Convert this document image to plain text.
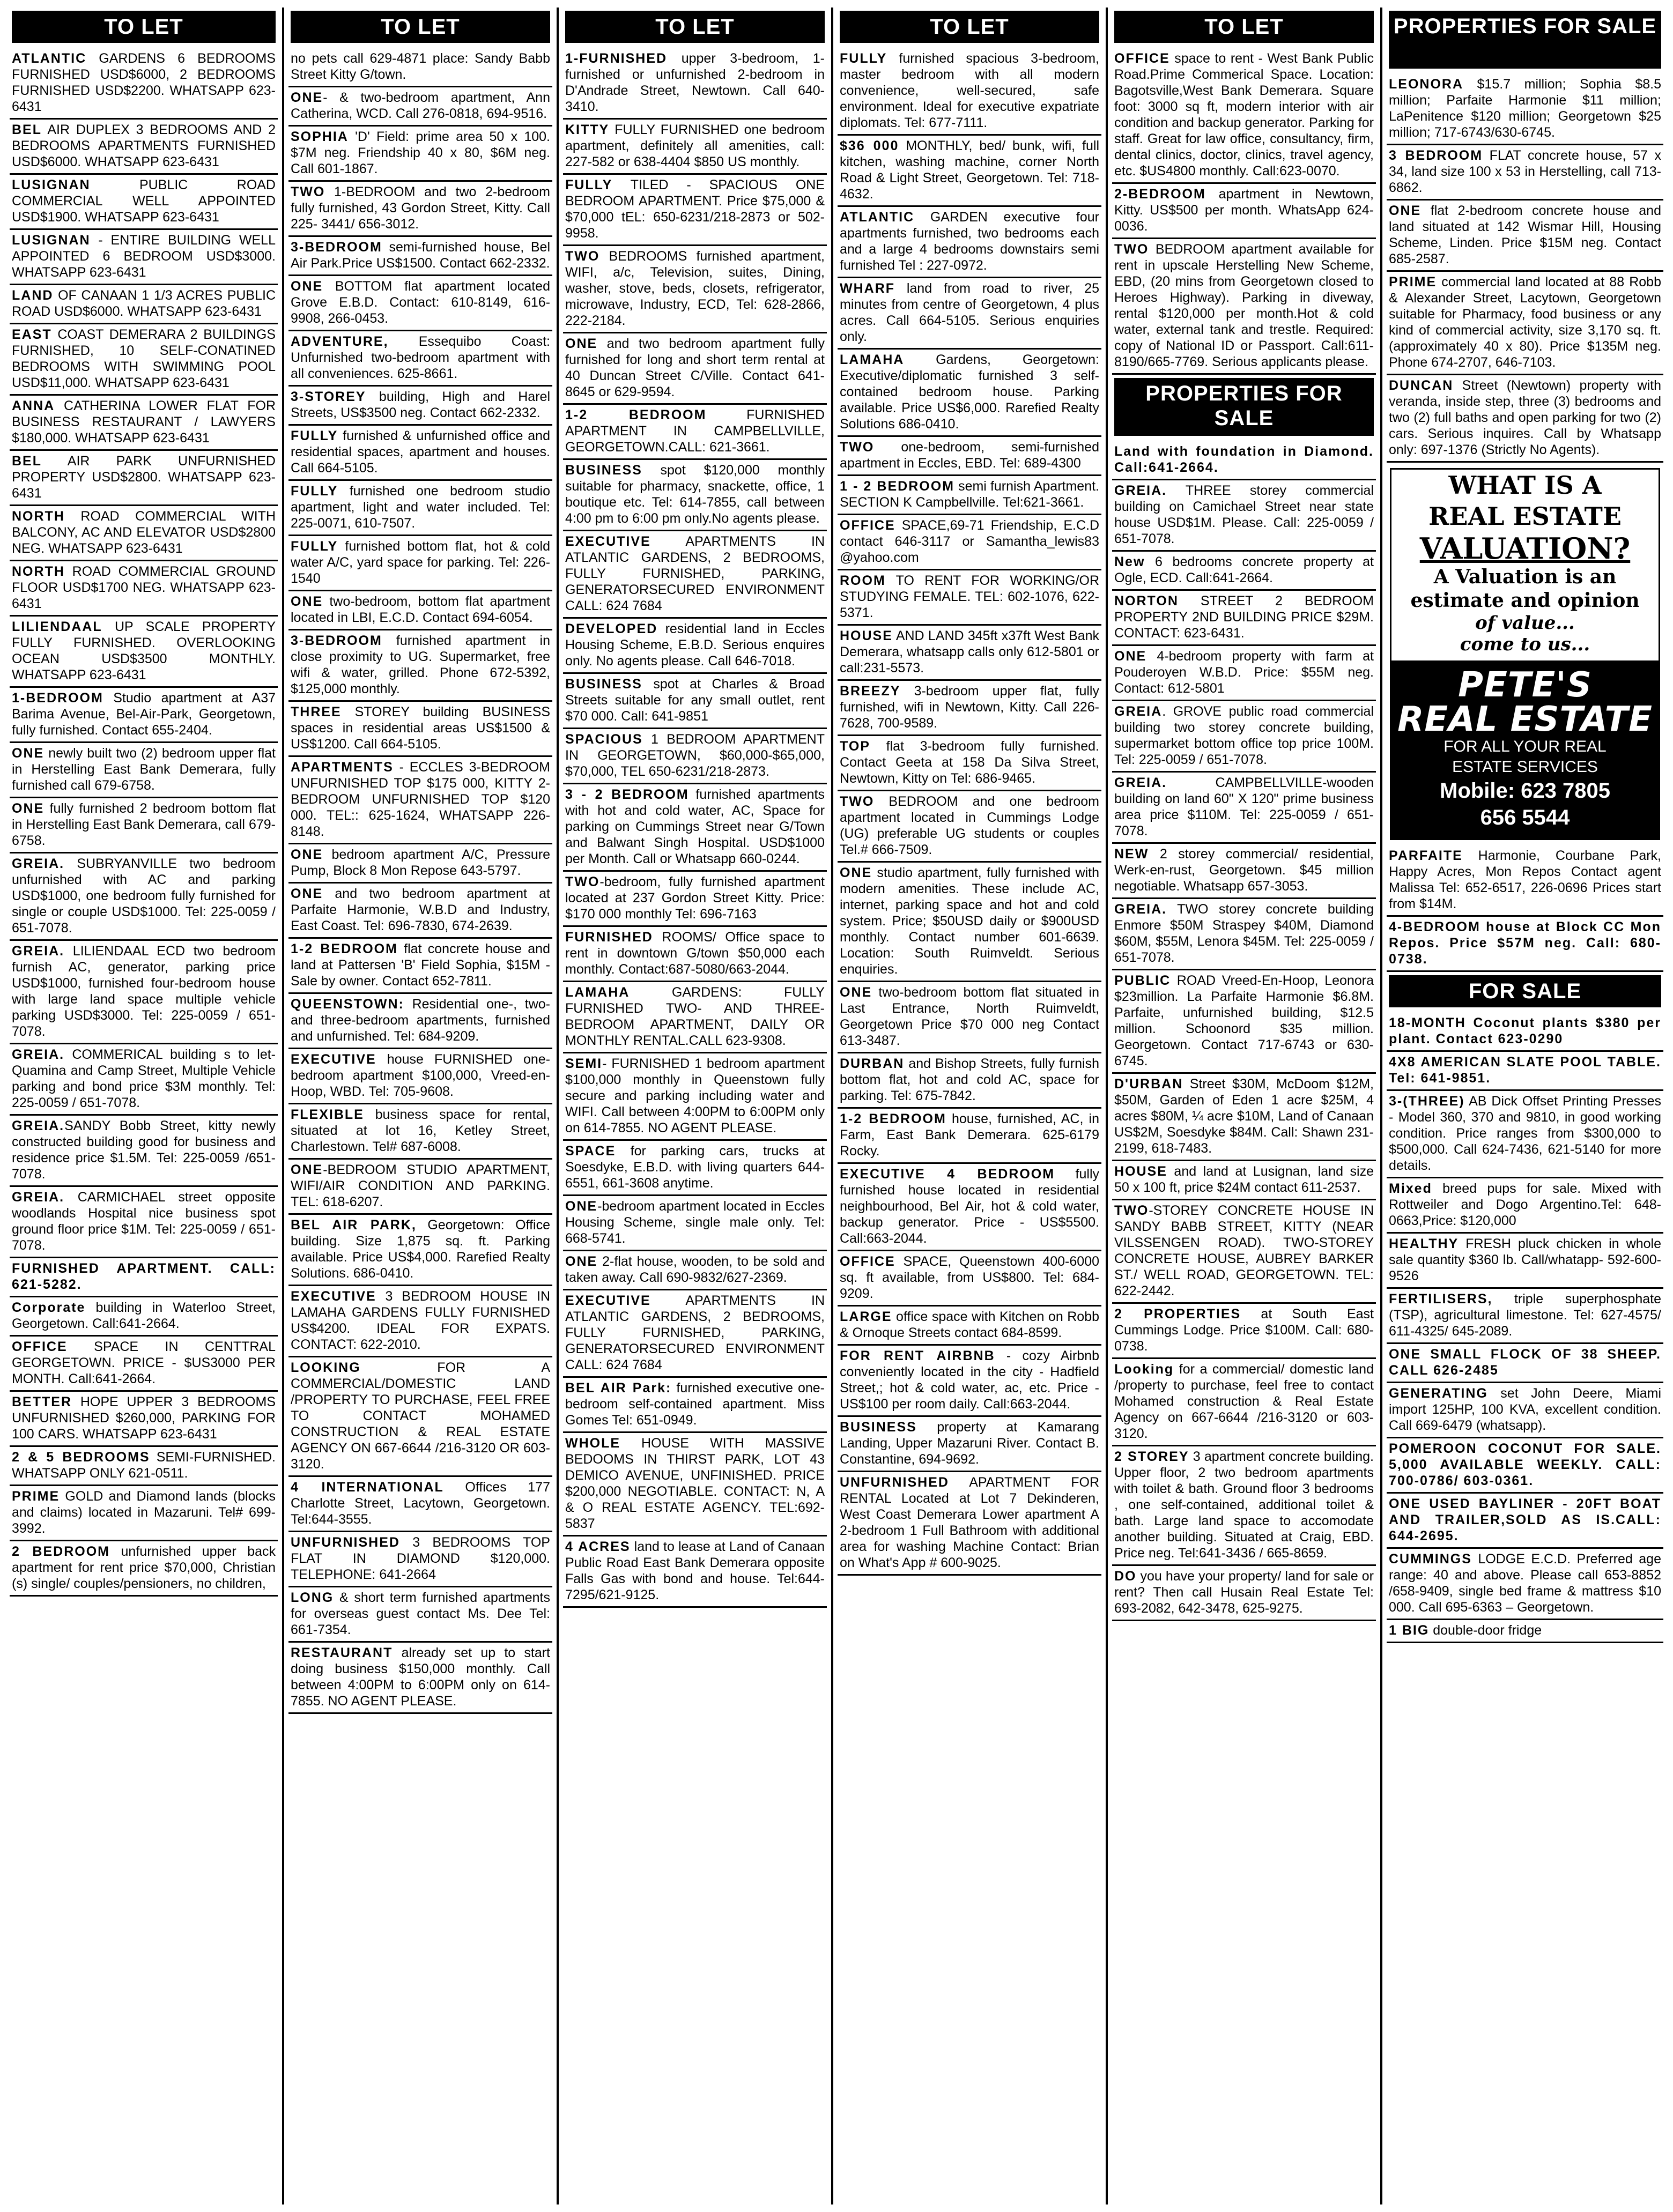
TO LET
ATLANTIC GARDENS 6 BEDROOMS FURNISHED USD$6000, 2 BEDROOMS FURNISHED USD$2200. WHATSAPP 623-6431
BEL AIR DUPLEX 3 BEDROOMS AND 2 BEDROOMS APARTMENTS FURNISHED USD$6000. WHATSAPP 623-6431
LUSIGNAN PUBLIC ROAD COMMERCIAL WELL APPOINTED USD$1900. WHATSAPP 623-6431
LUSIGNAN - ENTIRE BUILDING WELL APPOINTED 6 BEDROOM USD$3000. WHATSAPP 623-6431
LAND OF CANAAN 1 1/3 ACRES PUBLIC ROAD USD$6000. WHATSAPP 623-6431
EAST COAST DEMERARA 2 BUILDINGS FURNISHED, 10 SELF-CONATINED BEDROOMS WITH SWIMMING POOL USD$11,000. WHATSAPP 623-6431
ANNA CATHERINA LOWER FLAT FOR BUSINESS RESTAURANT / LAWYERS $180,000. WHATSAPP 623-6431
BEL AIR PARK UNFURNISHED PROPERTY USD$2800. WHATSAPP 623-6431
NORTH ROAD COMMERCIAL WITH BALCONY, AC AND ELEVATOR USD$2800 NEG. WHATSAPP 623-6431
NORTH ROAD COMMERCIAL GROUND FLOOR USD$1700 NEG. WHATSAPP 623-6431
LILIENDAAL UP SCALE PROPERTY FULLY FURNISHED. OVERLOOKING OCEAN USD$3500 MONTHLY. WHATSAPP 623-6431
1-BEDROOM Studio apartment at A37 Barima Avenue, Bel-Air-Park, Georgetown, fully furnished. Contact 655-2404.
ONE newly built two (2) bedroom upper flat in Herstelling East Bank Demerara, fully furnished call 679-6758.
ONE fully furnished 2 bedroom bottom flat in Herstelling East Bank Demerara, call 679-6758.
GREIA. SUBRYANVILLE two bedroom unfurnished with AC and parking USD$1000, one bedroom fully furnished for single or couple USD$1000. Tel: 225-0059 / 651-7078.
GREIA. LILIENDAAL ECD two bedroom furnish AC, generator, parking price USD$1000, furnished four-bedroom house with large land space multiple vehicle parking USD$3000. Tel: 225-0059 / 651-7078.
GREIA. COMMERICAL building s to let-Quamina and Camp Street, Multiple Vehicle parking and bond price $3M monthly. Tel: 225-0059 / 651-7078.
GREIA.SANDY Bobb Street, kitty newly constructed building good for business and residence price $1.5M. Tel: 225-0059 /651-7078.
GREIA. CARMICHAEL street opposite woodlands Hospital nice business spot ground floor price $1M. Tel: 225-0059 / 651-7078.
FURNISHED APARTMENT. CALL: 621-5282.
Corporate building in Waterloo Street, Georgetown. Call:641-2664.
OFFICE SPACE IN CENTTRAL GEORGETOWN. PRICE - $US3000 PER MONTH. Call:641-2664.
BETTER HOPE UPPER 3 BEDROOMS UNFURNISHED $260,000, PARKING FOR 100 CARS. WHATSAPP 623-6431
2 & 5 BEDROOMS SEMI-FURNISHED. WHATSAPP ONLY 621-0511.
PRIME GOLD and Diamond lands (blocks and claims) located in Mazaruni. Tel# 699-3992.
2 BEDROOM unfurnished upper back apartment for rent price $70,000, Christian (s) single/ couples/pensioners, no children,
TO LET
no pets call 629-4871 place: Sandy Babb Street Kitty G/town.
ONE- & two-bedroom apartment, Ann Catherina, WCD. Call 276-0818, 694-9516.
SOPHIA 'D' Field: prime area 50 x 100. $7M neg. Friendship 40 x 80, $6M neg. Call 601-1867.
TWO 1-BEDROOM and two 2-bedroom fully furnished, 43 Gordon Street, Kitty. Call 225- 3441/ 656-3012.
3-BEDROOM semi-furnished house, Bel Air Park.Price US$1500. Contact 662-2332.
ONE BOTTOM flat apartment located Grove E.B.D. Contact: 610-8149, 616-9908, 266-0453.
ADVENTURE, Essequibo Coast: Unfurnished two-bedroom apartment with all conveniences. 625-8661.
3-STOREY building, High and Harel Streets, US$3500 neg. Contact 662-2332.
FULLY furnished & unfurnished office and residential spaces, apartment and houses. Call 664-5105.
FULLY furnished one bedroom studio apartment, light and water included. Tel: 225-0071, 610-7507.
FULLY furnished bottom flat, hot & cold water A/C, yard space for parking. Tel: 226-1540
ONE two-bedroom, bottom flat apartment located in LBI, E.C.D. Contact 694-6054.
3-BEDROOM furnished apartment in close proximity to UG. Supermarket, free wifi & water, grilled. Phone 672-5392, $125,000 monthly.
THREE STOREY building BUSINESS spaces in residential areas US$1500 & US$1200. Call 664-5105.
APARTMENTS - ECCLES 3-BEDROOM UNFURNISHED TOP $175 000, KITTY 2-BEDROOM UNFURNISHED TOP $120 000. TEL:: 625-1624, WHATSAPP 226-8148.
ONE bedroom apartment A/C, Pressure Pump, Block 8 Mon Repose 643-5797.
ONE and two bedroom apartment at Parfaite Harmonie, W.B.D and Industry, East Coast. Tel: 696-7830, 674-2639.
1-2 BEDROOM flat concrete house and land at Pattersen 'B' Field Sophia, $15M - Sale by owner. Contact 652-7811.
QUEENSTOWN: Residential one-, two- and three-bedroom apartments, furnished and unfurnished. Tel: 684-9209.
EXECUTIVE house FURNISHED one-bedroom apartment $100,000, Vreed-en-Hoop, WBD. Tel: 705-9608.
FLEXIBLE business space for rental, situated at lot 16, Ketley Street, Charlestown. Tel# 687-6008.
ONE-BEDROOM STUDIO APARTMENT, WIFI/AIR CONDITION AND PARKING. TEL: 618-6207.
BEL AIR PARK, Georgetown: Office building. Size 1,875 sq. ft. Parking available. Price US$4,000. Rarefied Realty Solutions. 686-0410.
EXECUTIVE 3 BEDROOM HOUSE IN LAMAHA GARDENS FULLY FURNISHED US$4200. IDEAL FOR EXPATS. CONTACT: 622-2010.
LOOKING FOR A COMMERCIAL/DOMESTIC LAND /PROPERTY TO PURCHASE, FEEL FREE TO CONTACT MOHAMED CONSTRUCTION & REAL ESTATE AGENCY ON 667-6644 /216-3120 OR 603-3120.
4 INTERNATIONAL Offices 177 Charlotte Street, Lacytown, Georgetown. Tel:644-3555.
UNFURNISHED 3 BEDROOMS TOP FLAT IN DIAMOND $120,000. TELEPHONE: 641-2664
LONG & short term furnished apartments for overseas guest contact Ms. Dee Tel: 661-7354.
RESTAURANT already set up to start doing business $150,000 monthly. Call between 4:00PM to 6:00PM only on 614-7855. NO AGENT PLEASE.
TO LET
1-FURNISHED upper 3-bedroom, 1-furnished or unfurnished 2-bedroom in D'Andrade Street, Newtown. Call 640-3410.
KITTY FULLY FURNISHED one bedroom apartment, definitely all amenities, call: 227-582 or 638-4404 $850 US monthly.
FULLY TILED - SPACIOUS ONE BEDROOM APARTMENT. Price $75,000 & $70,000 tEL: 650-6231/218-2873 or 502-9958.
TWO BEDROOMS furnished apartment, WIFI, a/c, Television, suites, Dining, washer, stove, beds, closets, refrigerator, microwave, Industry, ECD, Tel: 628-2866, 222-2184.
ONE and two bedroom apartment fully furnished for long and short term rental at 40 Duncan Street C/Ville. Contact 641-8645 or 629-9594.
1-2 BEDROOM FURNISHED APARTMENT IN CAMPBELLVILLE, GEORGETOWN.CALL: 621-3661.
BUSINESS spot $120,000 monthly suitable for pharmacy, snackette, office, 1 boutique etc. Tel: 614-7855, call between 4:00 pm to 6:00 pm only.No agents please.
EXECUTIVE APARTMENTS IN ATLANTIC GARDENS, 2 BEDROOMS, FULLY FURNISHED, PARKING, GENERATORSECURED ENVIRONMENT CALL: 624 7684
DEVELOPED residential land in Eccles Housing Scheme, E.B.D. Serious enquires only. No agents please. Call 646-7018.
BUSINESS spot at Charles & Broad Streets suitable for any small outlet, rent $70 000. Call: 641-9851
SPACIOUS 1 BEDROOM APARTMENT IN GEORGETOWN, $60,000-$65,000, $70,000, TEL 650-6231/218-2873.
3 - 2 BEDROOM furnished apartments with hot and cold water, AC, Space for parking on Cummings Street near G/Town and Balwant Singh Hospital. USD$1000 per Month. Call or Whatsapp 660-0244.
TWO-bedroom, fully furnished apartment located at 237 Gordon Street Kitty. Price: $170 000 monthly Tel: 696-7163
FURNISHED ROOMS/ Office space to rent in downtown G/town $50,000 each monthly. Contact:687-5080/663-2044.
LAMAHA GARDENS: FULLY FURNISHED TWO- AND THREE-BEDROOM APARTMENT, DAILY OR MONTHLY RENTAL.CALL 623-9308.
SEMI- FURNISHED 1 bedroom apartment $100,000 monthly in Queenstown fully secure and parking including water and WIFI. Call between 4:00PM to 6:00PM only on 614-7855. NO AGENT PLEASE.
SPACE for parking cars, trucks at Soesdyke, E.B.D. with living quarters 644-6551, 661-3608 anytime.
ONE-bedroom apartment located in Eccles Housing Scheme, single male only. Tel: 668-5741.
ONE 2-flat house, wooden, to be sold and taken away. Call 690-9832/627-2369.
EXECUTIVE APARTMENTS IN ATLANTIC GARDENS, 2 BEDROOMS, FULLY FURNISHED, PARKING, GENERATORSECURED ENVIRONMENT CALL: 624 7684
BEL AIR Park: furnished executive one-bedroom self-contained apartment. Miss Gomes Tel: 651-0949.
WHOLE HOUSE WITH MASSIVE BEDOOMS IN THIRST PARK, LOT 43 DEMICO AVENUE, UNFINISHED. PRICE $200,000 NEGOTIABLE. CONTACT: N, A & O REAL ESTATE AGENCY. TEL:692-5837
4 ACRES land to lease at Land of Canaan Public Road East Bank Demerara opposite Falls Gas with bond and house. Tel:644-7295/621-9125.
TO LET
FULLY furnished spacious 3-bedroom, master bedroom with all modern convenience, well-secured, safe environment. Ideal for executive expatriate diplomats. Tel: 677-7111.
$36 000 MONTHLY, bed/ bunk, wifi, full kitchen, washing machine, corner North Road & Light Street, Georgetown. Tel: 718-4632.
ATLANTIC GARDEN executive four apartments furnished, two bedrooms each and a large 4 bedrooms downstairs semi furnished Tel : 227-0972.
WHARF land from road to river, 25 minutes from centre of Georgetown, 4 plus acres. Call 664-5105. Serious enquiries only.
LAMAHA Gardens, Georgetown: Executive/diplomatic furnished 3 self-contained bedroom house. Parking available. Price US$6,000. Rarefied Realty Solutions 686-0410.
TWO one-bedroom, semi-furnished apartment in Eccles, EBD. Tel: 689-4300
1 - 2 BEDROOM semi furnish Apartment. SECTION K Campbellville. Tel:621-3661.
OFFICE SPACE,69-71 Friendship, E.C.D contact 646-3117 or Samantha_lewis83 @yahoo.com
ROOM TO RENT FOR WORKING/OR STUDYING FEMALE. TEL: 602-1076, 622-5371.
HOUSE AND LAND 345ft x37ft West Bank Demerara, whatsapp calls only 612-5801 or call:231-5573.
BREEZY 3-bedroom upper flat, fully furnished, wifi in Newtown, Kitty. Call 226-7628, 700-9589.
TOP flat 3-bedroom fully furnished. Contact Geeta at 158 Da Silva Street, Newtown, Kitty on Tel: 686-9465.
TWO BEDROOM and one bedroom apartment located in Cummings Lodge (UG) preferable UG students or couples Tel.# 666-7509.
ONE studio apartment, fully furnished with modern amenities. These include AC, internet, parking space and hot and cold system. Price; $50USD daily or $900USD monthly. Contact number 601-6639. Location: South Ruimveldt. Serious enquiries.
ONE two-bedroom bottom flat situated in Last Entrance, North Ruimveldt, Georgetown Price $70 000 neg Contact 613-3487.
DURBAN and Bishop Streets, fully furnish bottom flat, hot and cold AC, space for parking. Tel: 675-7842.
1-2 BEDROOM house, furnished, AC, in Farm, East Bank Demerara. 625-6179 Rocky.
EXECUTIVE 4 BEDROOM fully furnished house located in residential neighbourhood, Bel Air, hot & cold water, backup generator. Price - US$5500. Call:663-2044.
OFFICE SPACE, Queenstown 400-6000 sq. ft available, from US$800. Tel: 684-9209.
LARGE office space with Kitchen on Robb & Ornoque Streets contact 684-8599.
FOR RENT AIRBNB - cozy Airbnb conveniently located in the city - Hadfield Street,; hot & cold water, ac, etc. Price - US$100 per room daily. Call:663-2044.
BUSINESS property at Kamarang Landing, Upper Mazaruni River. Contact B. Constantine, 694-9692.
UNFURNISHED APARTMENT FOR RENTAL Located at Lot 7 Dekinderen, West Coast Demerara Lower apartment A 2-bedroom 1 Full Bathroom with additional area for washing Machine Contact: Brian on What's App # 600-9025.
TO LET
OFFICE space to rent - West Bank Public Road.Prime Commerical Space. Location: Bagotsville,West Bank Demerara. Square foot: 3000 sq ft, modern interior with air condition and backup generator. Parking for staff. Great for law office, consultancy, firm, dental clinics, doctor, clinics, travel agency, etc. $US4800 monthly. Call:623-0070.
2-BEDROOM apartment in Newtown, Kitty. US$500 per month. WhatsApp 624-0036.
TWO BEDROOM apartment available for rent in upscale Herstelling New Scheme, EBD, (20 mins from Georgetown closed to Heroes Highway). Parking in diveway, rental $120,000 per month.Hot & cold water, external tank and trestle. Required: copy of National ID or Passport. Call:611-8190/665-7769. Serious applicants please.
PROPERTIES FOR SALE
Land with foundation in Diamond. Call:641-2664.
GREIA. THREE storey commercial building on Camichael Street near state house USD$1M. Please. Call: 225-0059 / 651-7078.
New 6 bedrooms concrete property at Ogle, ECD. Call:641-2664.
NORTON STREET 2 BEDROOM PROPERTY 2ND BUILDING PRICE $29M. CONTACT: 623-6431.
ONE 4-bedroom property with farm at Pouderoyen W.B.D. Price: $55M neg. Contact: 612-5801
GREIA. GROVE public road commercial building two storey concrete building, supermarket bottom office top price 100M. Tel: 225-0059 / 651-7078.
GREIA. CAMPBELLVILLE-wooden building on land 60" X 120" prime business area price $110M. Tel: 225-0059 / 651-7078.
NEW 2 storey commercial/ residential, Werk-en-rust, Georgetown. $45 million negotiable. Whatsapp 657-3053.
GREIA. TWO storey concrete building Enmore $50M Straspey $40M, Diamond $60M, $55M, Lenora $45M. Tel: 225-0059 / 651-7078.
PUBLIC ROAD Vreed-En-Hoop, Leonora $23million. La Parfaite Harmonie $6.8M. Parfaite, unfurnished building, $12.5 million. Schoonord $35 million. Georgetown. Contact 717-6743 or 630-6745.
D'URBAN Street $30M, McDoom $12M, $50M, Garden of Eden 1 acre $25M, 4 acres $80M, ¼ acre $10M, Land of Canaan US$2M, Soesdyke $84M. Call: Shawn 231-2199, 618-7483.
HOUSE and land at Lusignan, land size 50 x 100 ft, price $24M contact 611-2537.
TWO-STOREY CONCRETE HOUSE IN SANDY BABB STREET, KITTY (NEAR VILSSENGEN ROAD). TWO-STOREY CONCRETE HOUSE, AUBREY BARKER ST./ WELL ROAD, GEORGETOWN. TEL: 622-2442.
2 PROPERTIES at South East Cummings Lodge. Price $100M. Call: 680-0738.
Looking for a commercial/ domestic land /property to purchase, feel free to contact Mohamed construction & Real Estate Agency on 667-6644 /216-3120 or 603-3120.
2 STOREY 3 apartment concrete building. Upper floor, 2 two bedroom apartments with toilet & bath. Ground floor 3 bedrooms , one self-contained, additional toilet & bath. Large land space to accomodate another building. Situated at Craig, EBD. Price neg. Tel:641-3436 / 665-8659.
DO you have your property/ land for sale or rent? Then call Husain Real Estate Tel: 693-2082, 642-3478, 625-9275.
PROPERTIES FOR SALE
LEONORA $15.7 million; Sophia $8.5 million; Parfaite Harmonie $11 million; LaPenitence $120 million; Georgetown $25 million; 717-6743/630-6745.
3 BEDROOM FLAT concrete house, 57 x 34, land size 100 x 53 in Herstelling, call 713-6862.
ONE flat 2-bedroom concrete house and land situated at 142 Wismar Hill, Housing Scheme, Linden. Price $15M neg. Contact 685-2587.
PRIME commercial land located at 88 Robb & Alexander Street, Lacytown, Georgetown suitable for Pharmacy, food business or any kind of commercial activity, size 3,170 sq. ft. (approximately 40 x 80). Price $135M neg. Phone 674-2707, 646-7103.
DUNCAN Street (Newtown) property with veranda, inside step, three (3) bedrooms and two (2) full baths and open parking for two (2) cars. Serious inquires. Call by Whatsapp only: 697-1376 (Strictly No Agents).
WHAT IS A
REAL ESTATE
VALUATION?
A Valuation is an
estimate and opinion
of value...
come to us...
PETE'S
REAL ESTATE
FOR ALL YOUR REAL
ESTATE SERVICES
Mobile: 623 7805
656 5544
PARFAITE Harmonie, Courbane Park, Happy Acres, Mon Repos Contact agent Malissa Tel: 652-6517, 226-0696 Prices start from $14M.
4-BEDROOM house at Block CC Mon Repos. Price $57M neg. Call: 680-0738.
FOR SALE
18-MONTH Coconut plants $380 per plant. Contact 623-0290
4X8 AMERICAN SLATE POOL TABLE. Tel: 641-9851.
3-(THREE) AB Dick Offset Printing Presses - Model 360, 370 and 9810, in good working condition. Price ranges from $300,000 to $500,000. Call 624-7436, 621-5140 for more details.
Mixed breed pups for sale. Mixed with Rottweiler and Dogo Argentino.Tel: 648-0663,Price: $120,000
HEALTHY FRESH pluck chicken in whole sale quantity $360 lb. Call/whatapp- 592-600-9526
FERTILISERS, triple superphosphate (TSP), agricultural limestone. Tel: 627-4575/ 611-4325/ 645-2089.
ONE SMALL FLOCK OF 38 SHEEP. CALL 626-2485
GENERATING set John Deere, Miami import 125HP, 100 KVA, excellent condition. Call 669-6479 (whatsapp).
POMEROON COCONUT FOR SALE. 5,000 AVAILABLE WEEKLY. CALL: 700-0786/ 603-0361.
ONE USED BAYLINER - 20FT BOAT AND TRAILER,SOLD AS IS.CALL: 644-2695.
CUMMINGS LODGE E.C.D. Preferred age range: 40 and above. Please call 653-8852 /658-9409, single bed frame & mattress $10 000. Call 695-6363 – Georgetown.
1 BIG double-door fridge
